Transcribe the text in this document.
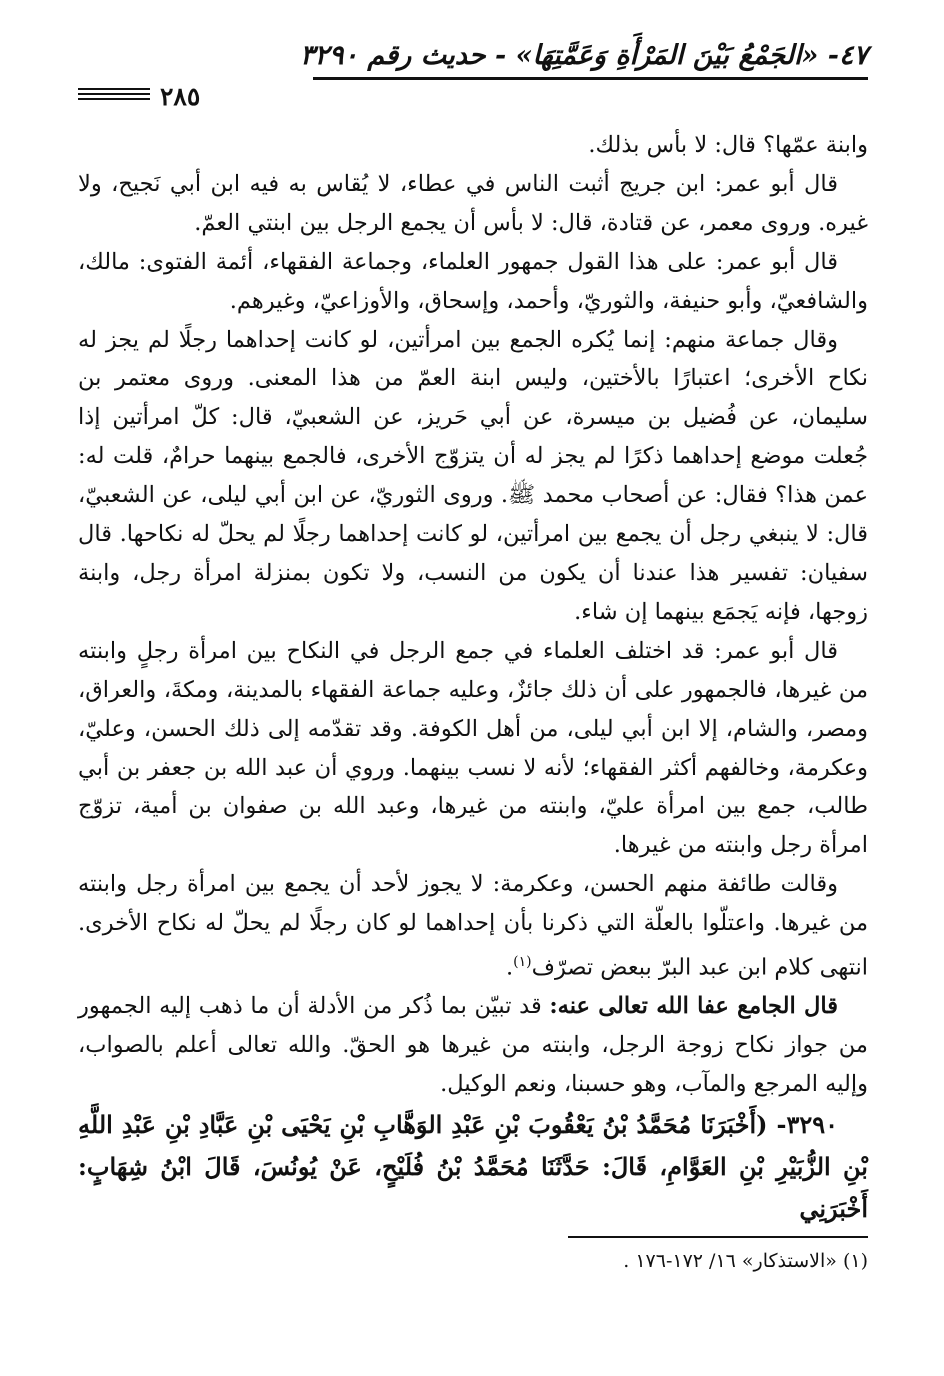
٤٧- «الجَمْعُ بَيْنَ المَرْأَةِ وَعَمَّتِهَا» - حديث رقم ٣٢٩٠
٢٨٥

وابنة عمّها؟ قال: لا بأس بذلك.

قال أبو عمر: ابن جريج أثبت الناس في عطاء، لا يُقاس به فيه ابن أبي نَجيح، ولا غيره. وروى معمر، عن قتادة، قال: لا بأس أن يجمع الرجل بين ابنتي العمّ.

قال أبو عمر: على هذا القول جمهور العلماء، وجماعة الفقهاء، أئمة الفتوى: مالك، والشافعيّ، وأبو حنيفة، والثوريّ، وأحمد، وإسحاق، والأوزاعيّ، وغيرهم.

وقال جماعة منهم: إنما يُكره الجمع بين امرأتين، لو كانت إحداهما رجلًا لم يجز له نكاح الأخرى؛ اعتبارًا بالأختين، وليس ابنة العمّ من هذا المعنى. وروى معتمر بن سليمان، عن فُضيل بن ميسرة، عن أبي حَريز، عن الشعبيّ، قال: كلّ امرأتين إذا جُعلت موضع إحداهما ذكرًا لم يجز له أن يتزوّج الأخرى، فالجمع بينهما حرامٌ، قلت له: عمن هذا؟ فقال: عن أصحاب محمد ﷺ. وروى الثوريّ، عن ابن أبي ليلى، عن الشعبيّ، قال: لا ينبغي رجل أن يجمع بين امرأتين، لو كانت إحداهما رجلًا لم يحلّ له نكاحها. قال سفيان: تفسير هذا عندنا أن يكون من النسب، ولا تكون بمنزلة امرأة رجل، وابنة زوجها، فإنه يَجمَع بينهما إن شاء.

قال أبو عمر: قد اختلف العلماء في جمع الرجل في النكاح بين امرأة رجلٍ وابنته من غيرها، فالجمهور على أن ذلك جائزٌ، وعليه جماعة الفقهاء بالمدينة، ومكةَ، والعراق، ومصر، والشام، إلا ابن أبي ليلى، من أهل الكوفة. وقد تقدّمه إلى ذلك الحسن، وعليّ، وعكرمة، وخالفهم أكثر الفقهاء؛ لأنه لا نسب بينهما. وروي أن عبد الله بن جعفر بن أبي طالب، جمع بين امرأة عليّ، وابنته من غيرها، وعبد الله بن صفوان بن أمية، تزوّج امرأة رجل وابنته من غيرها.

وقالت طائفة منهم الحسن، وعكرمة: لا يجوز لأحد أن يجمع بين امرأة رجل وابنته من غيرها. واعتلّوا بالعلّة التي ذكرنا بأن إحداهما لو كان رجلًا لم يحلّ له نكاح الأخرى. انتهى كلام ابن عبد البرّ ببعض تصرّف$^{(١)}$.

قال الجامع عفا الله تعالى عنه: قد تبيّن بما ذُكر من الأدلة أن ما ذهب إليه الجمهور من جواز نكاح زوجة الرجل، وابنته من غيرها هو الحقّ. والله تعالى أعلم بالصواب، وإليه المرجع والمآب، وهو حسبنا، ونعم الوكيل.

٣٢٩٠- (أَخْبَرَنَا مُحَمَّدُ بْنُ يَعْقُوبَ بْنِ عَبْدِ الوَهَّابِ بْنِ يَحْيَى بْنِ عَبَّادِ بْنِ عَبْدِ اللَّهِ بْنِ الزُّبَيْرِ بْنِ العَوَّامِ، قَالَ: حَدَّثَنَا مُحَمَّدُ بْنُ فُلَيْحٍ، عَنْ يُونُسَ، قَالَ ابْنُ شِهَابٍ: أَخْبَرَنِي

(١) «الاستذكار» ١٦/ ١٧٢-١٧٦ .
